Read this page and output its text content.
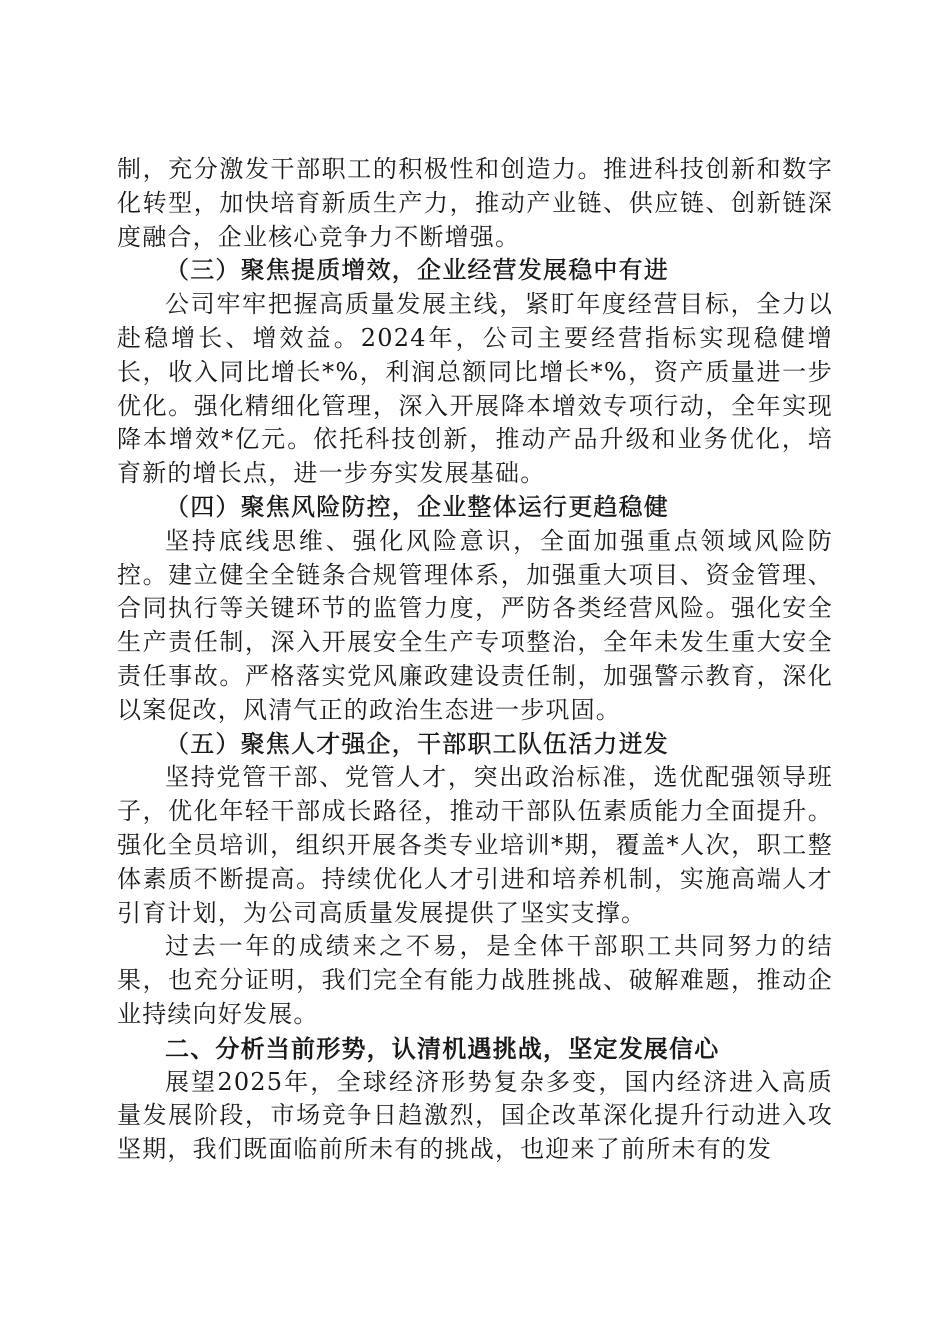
制，充分激发干部职工的积极性和创造力。推进科技创新和数字化转型，加快培育新质生产力，推动产业链、供应链、创新链深度融合，企业核心竞争力不断增强。

（三）聚焦提质增效，企业经营发展稳中有进

公司牢牢把握高质量发展主线，紧盯年度经营目标，全力以赴稳增长、增效益。2024年，公司主要经营指标实现稳健增长，收入同比增长*%，利润总额同比增长*%，资产质量进一步优化。强化精细化管理，深入开展降本增效专项行动，全年实现降本增效*亿元。依托科技创新，推动产品升级和业务优化，培育新的增长点，进一步夯实发展基础。

（四）聚焦风险防控，企业整体运行更趋稳健

坚持底线思维、强化风险意识，全面加强重点领域风险防控。建立健全全链条合规管理体系，加强重大项目、资金管理、合同执行等关键环节的监管力度，严防各类经营风险。强化安全生产责任制，深入开展安全生产专项整治，全年未发生重大安全责任事故。严格落实党风廉政建设责任制，加强警示教育，深化以案促改，风清气正的政治生态进一步巩固。

（五）聚焦人才强企，干部职工队伍活力迸发

坚持党管干部、党管人才，突出政治标准，选优配强领导班子，优化年轻干部成长路径，推动干部队伍素质能力全面提升。强化全员培训，组织开展各类专业培训*期，覆盖*人次，职工整体素质不断提高。持续优化人才引进和培养机制，实施高端人才引育计划，为公司高质量发展提供了坚实支撑。

过去一年的成绩来之不易，是全体干部职工共同努力的结果，也充分证明，我们完全有能力战胜挑战、破解难题，推动企业持续向好发展。

二、分析当前形势，认清机遇挑战，坚定发展信心

展望2025年，全球经济形势复杂多变，国内经济进入高质量发展阶段，市场竞争日趋激烈，国企改革深化提升行动进入攻坚期，我们既面临前所未有的挑战，也迎来了前所未有的发
